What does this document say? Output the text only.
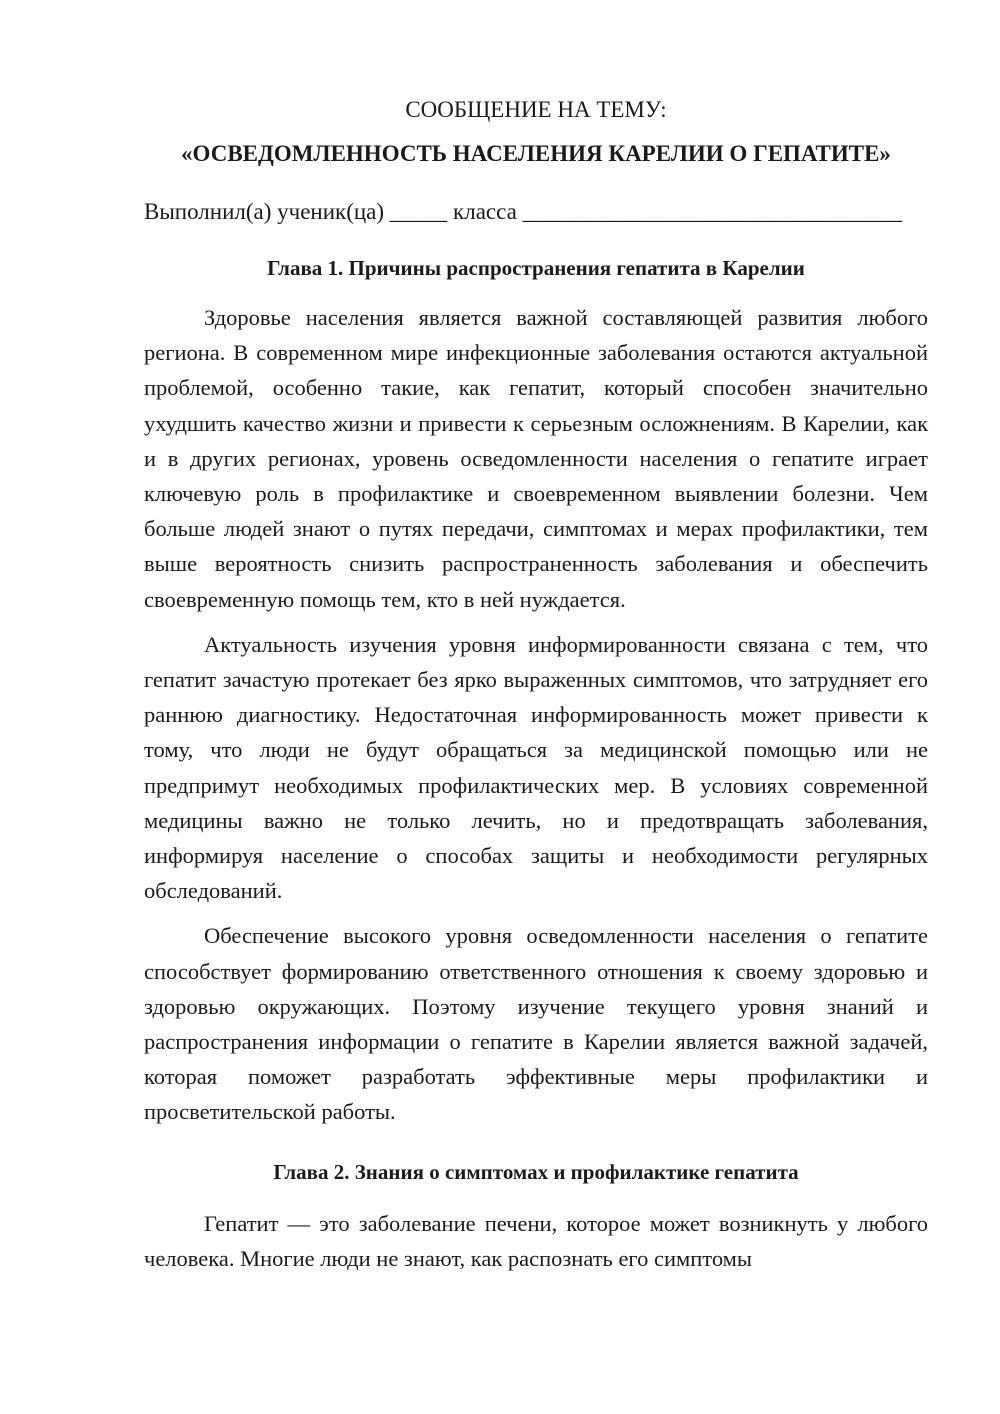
СООБЩЕНИЕ НА ТЕМУ:

«ОСВЕДОМЛЕННОСТЬ НАСЕЛЕНИЯ КАРЕЛИИ О ГЕПАТИТЕ»

Выполнил(а) ученик(ца) _____ класса _________________________________

Глава 1. Причины распространения гепатита в Карелии

Здоровье населения является важной составляющей развития любого региона. В современном мире инфекционные заболевания остаются актуальной проблемой, особенно такие, как гепатит, который способен значительно ухудшить качество жизни и привести к серьезным осложнениям. В Карелии, как и в других регионах, уровень осведомленности населения о гепатите играет ключевую роль в профилактике и своевременном выявлении болезни. Чем больше людей знают о путях передачи, симптомах и мерах профилактики, тем выше вероятность снизить распространенность заболевания и обеспечить своевременную помощь тем, кто в ней нуждается.

Актуальность изучения уровня информированности связана с тем, что гепатит зачастую протекает без ярко выраженных симптомов, что затрудняет его раннюю диагностику. Недостаточная информированность может привести к тому, что люди не будут обращаться за медицинской помощью или не предпримут необходимых профилактических мер. В условиях современной медицины важно не только лечить, но и предотвращать заболевания, информируя население о способах защиты и необходимости регулярных обследований.

Обеспечение высокого уровня осведомленности населения о гепатите способствует формированию ответственного отношения к своему здоровью и здоровью окружающих. Поэтому изучение текущего уровня знаний и распространения информации о гепатите в Карелии является важной задачей, которая поможет разработать эффективные меры профилактики и просветительской работы.

Глава 2. Знания о симптомах и профилактике гепатита

Гепатит — это заболевание печени, которое может возникнуть у любого человека. Многие люди не знают, как распознать его симптомы
